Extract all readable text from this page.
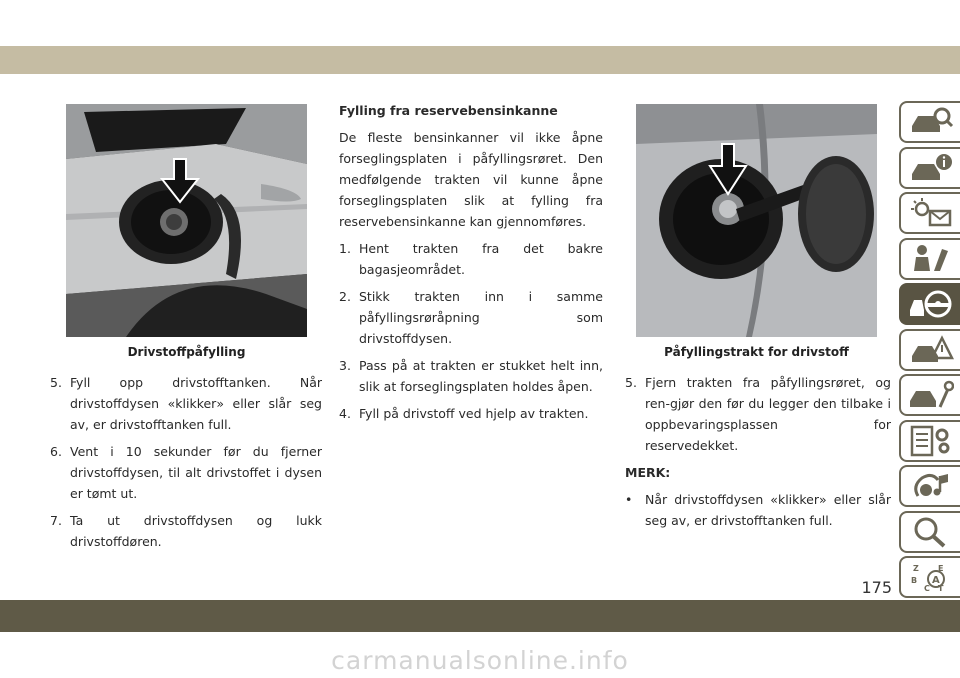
Drivstoffpåfylling	Påfyllingstrakt for drivstoff
5. Fyll opp drivstofftanken. Når drivstoffdysen «klikker» eller slår seg av, er drivstofftanken full.
6. Vent i 10 sekunder før du fjerner drivstoffdysen, til alt drivstoffet i dysen er tømt ut.
7. Ta ut drivstoffdysen og lukk drivstoffdøren.
Fylling fra reservebensinkanne
De fleste bensinkanner vil ikke åpne forseglingsplaten i påfyllingsrøret. Den medfølgende trakten vil kunne åpne forseglingsplaten slik at fylling fra reservebensinkanne kan gjennomføres.
1. Hent trakten fra det bakre bagasjeområdet.
2. Stikk trakten inn i samme påfyllingsrøråpning som drivstoffdysen.
3. Pass på at trakten er stukket helt inn, slik at forseglingsplaten holdes åpen.
4. Fyll på drivstoff ved hjelp av trakten.
5. Fjern trakten fra påfyllingsrøret, og ren-gjør den før du legger den tilbake i oppbevaringsplassen for reservedekket.
MERK:
• Når drivstoffdysen «klikker» eller slår seg av, er drivstofftanken full.
Z E
B
C T
A
175
carmanualsonline.info
